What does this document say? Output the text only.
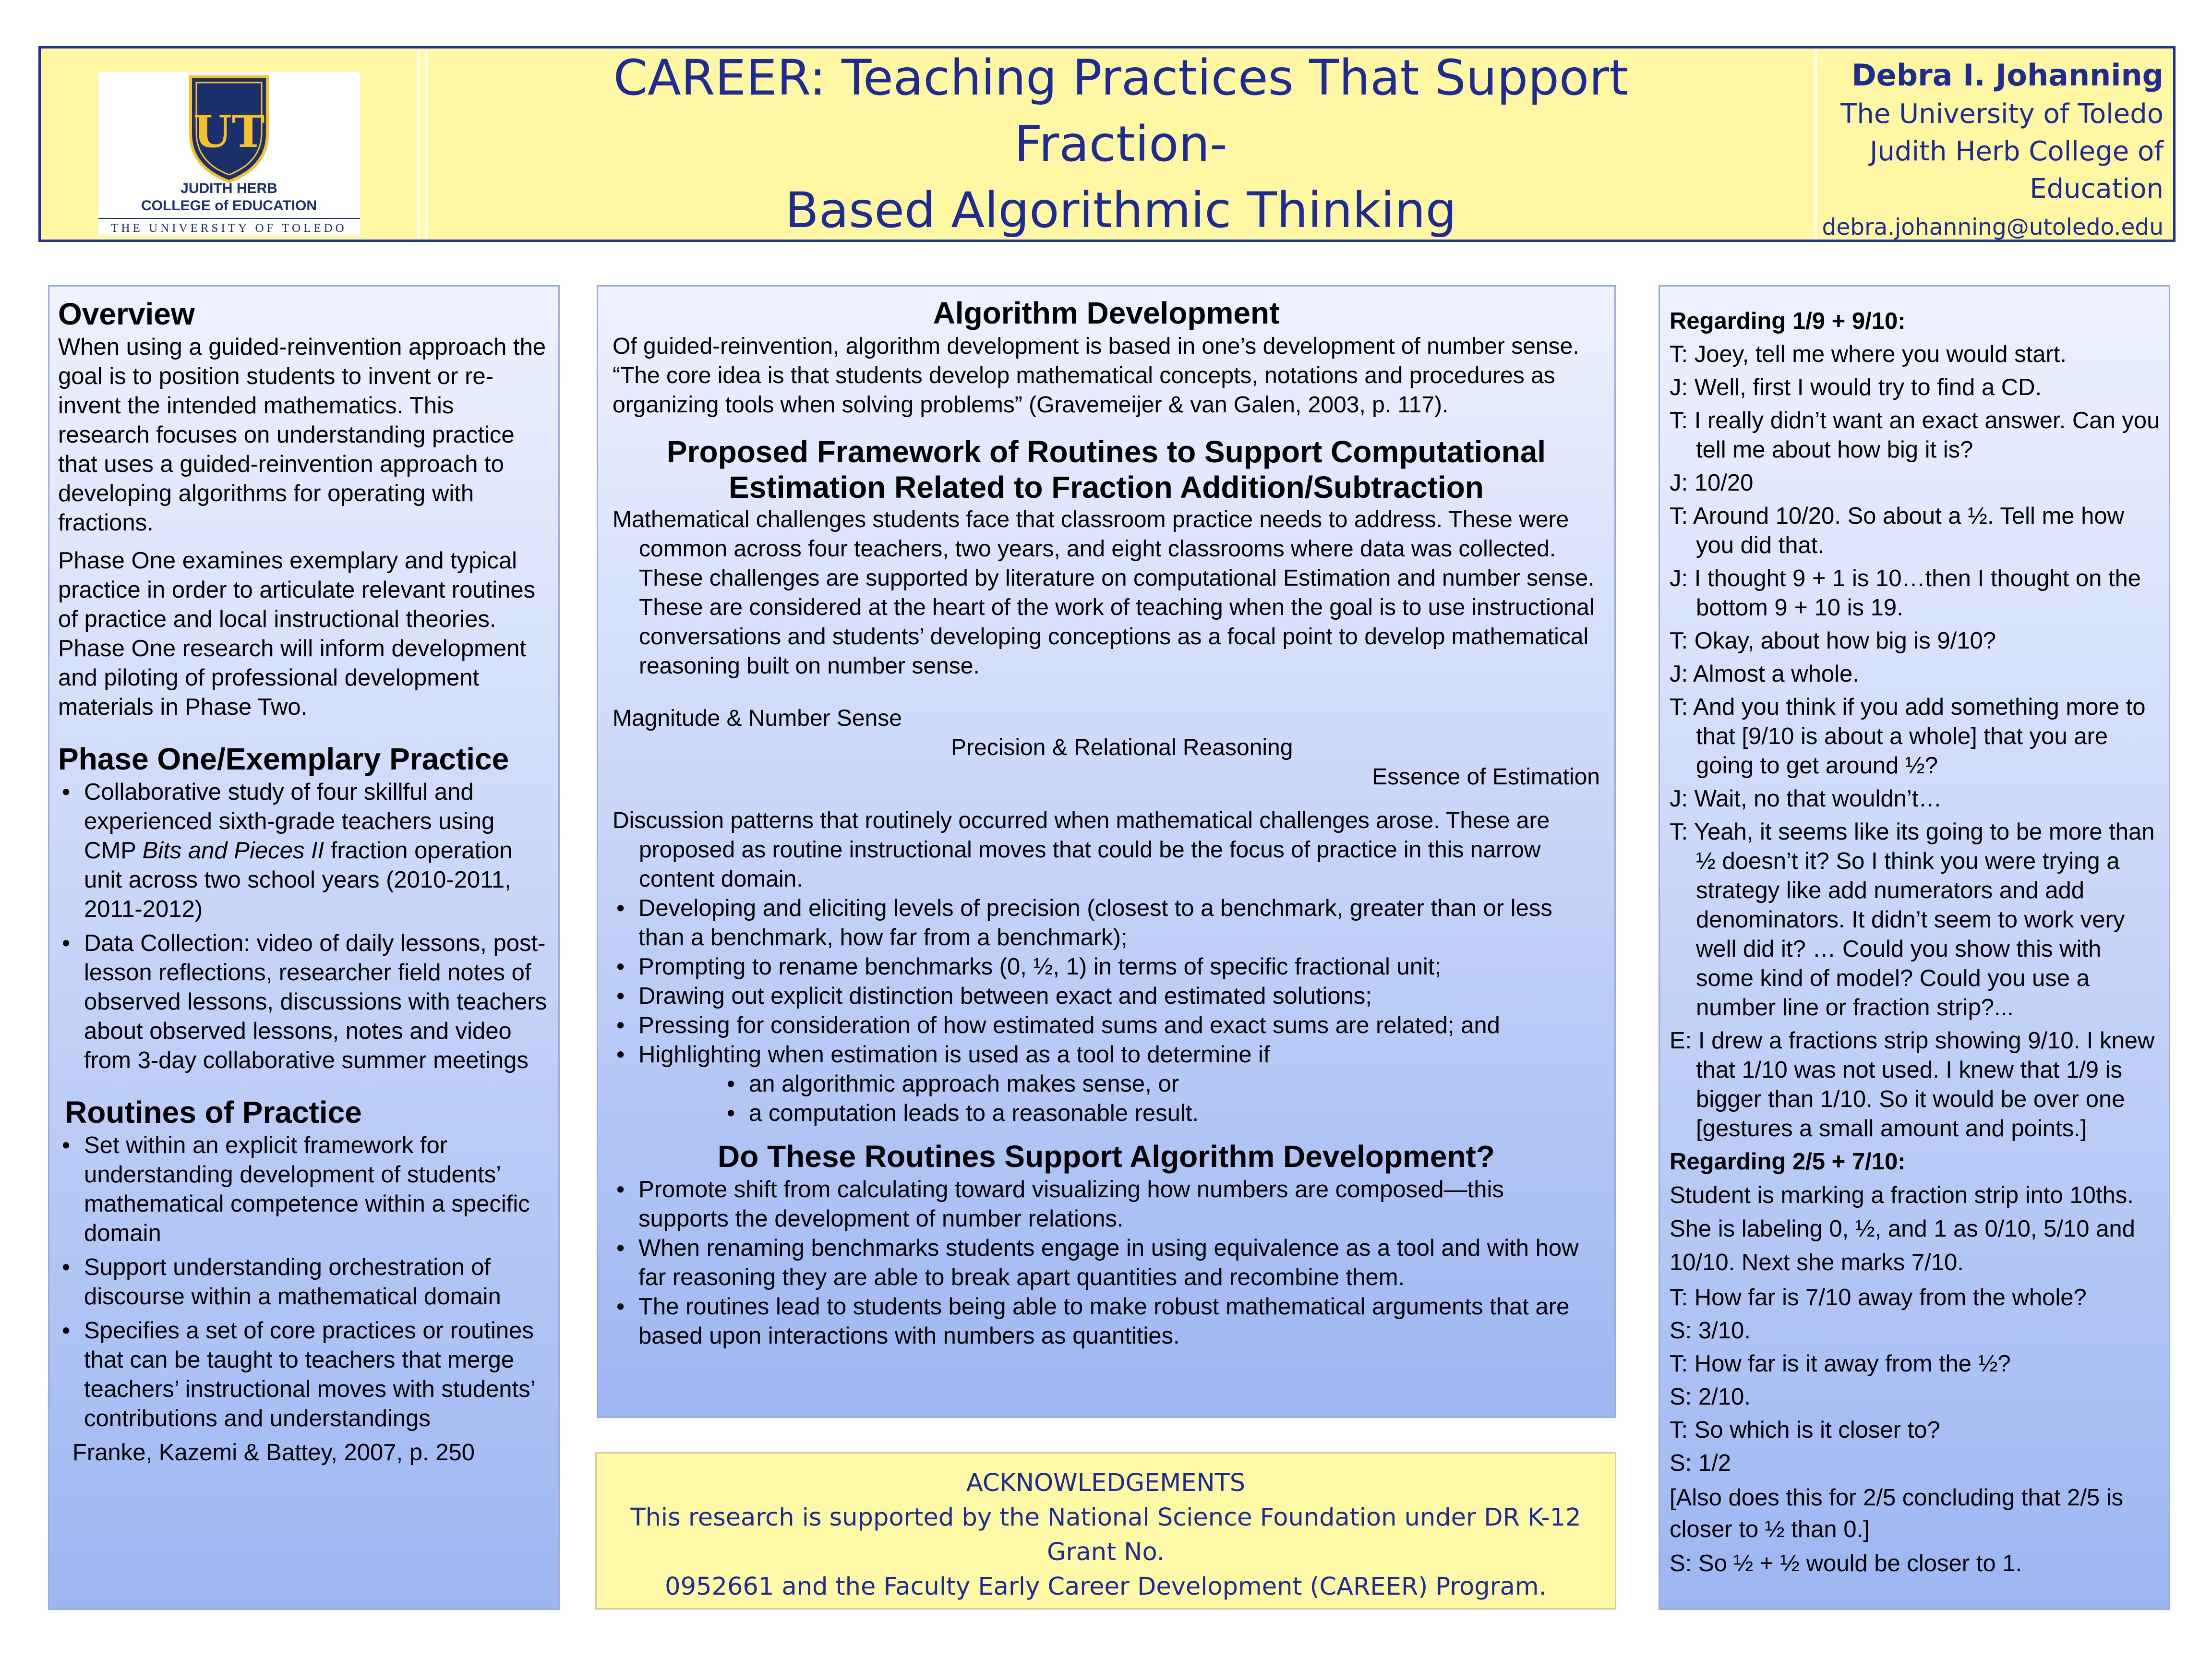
UT
JUDITH HERB
COLLEGE of EDUCATION
THE UNIVERSITY OF TOLEDO
CAREER: Teaching Practices That Support Fraction-
Based Algorithmic Thinking
Debra I. Johanning
The University of Toledo
Judith Herb College of
Education
debra.johanning@utoledo.edu
Overview
When using a guided-reinvention approach the goal is to position students to invent or re-invent the intended mathematics. This research focuses on understanding practice that uses a guided-reinvention approach to developing algorithms for operating with fractions.
Phase One examines exemplary and typical practice in order to articulate relevant routines of practice and local instructional theories. Phase One research will inform development and piloting of professional development materials in Phase Two.
Phase One/Exemplary Practice
• Collaborative study of four skillful and experienced sixth-grade teachers using CMP Bits and Pieces II fraction operation unit across two school years (2010-2011, 2011-2012)
• Data Collection: video of daily lessons, post-lesson reflections, researcher field notes of observed lessons, discussions with teachers about observed lessons, notes and video from 3-day collaborative summer meetings
Routines of Practice
• Set within an explicit framework for understanding development of students’ mathematical competence within a specific domain
• Support understanding orchestration of discourse within a mathematical domain
• Specifies a set of core practices or routines that can be taught to teachers that merge teachers’ instructional moves with students’ contributions and understandings
Franke, Kazemi & Battey, 2007, p. 250
Algorithm Development
Of guided-reinvention, algorithm development is based in one’s development of number sense. “The core idea is that students develop mathematical concepts, notations and procedures as organizing tools when solving problems” (Gravemeijer & van Galen, 2003, p. 117).
Proposed Framework of Routines to Support Computational
Estimation Related to Fraction Addition/Subtraction
Mathematical challenges students face that classroom practice needs to address. These were common across four teachers, two years, and eight classrooms where data was collected. These challenges are supported by literature on computational Estimation and number sense. These are considered at the heart of the work of teaching when the goal is to use instructional conversations and students’ developing conceptions as a focal point to develop mathematical reasoning built on number sense.
Magnitude & Number Sense
Precision & Relational Reasoning
Essence of Estimation
Discussion patterns that routinely occurred when mathematical challenges arose. These are proposed as routine instructional moves that could be the focus of practice in this narrow content domain.
• Developing and eliciting levels of precision (closest to a benchmark, greater than or less than a benchmark, how far from a benchmark);
• Prompting to rename benchmarks (0, ½, 1) in terms of specific fractional unit;
• Drawing out explicit distinction between exact and estimated solutions;
• Pressing for consideration of how estimated sums and exact sums are related; and
• Highlighting when estimation is used as a tool to determine if
• an algorithmic approach makes sense, or
• a computation leads to a reasonable result.
Do These Routines Support Algorithm Development?
• Promote shift from calculating toward visualizing how numbers are composed—this supports the development of number relations.
• When renaming benchmarks students engage in using equivalence as a tool and with how far reasoning they are able to break apart quantities and recombine them.
• The routines lead to students being able to make robust mathematical arguments that are based upon interactions with numbers as quantities.
ACKNOWLEDGEMENTS
This research is supported by the National Science Foundation under DR K-12 Grant No.
0952661 and the Faculty Early Career Development (CAREER) Program.
Regarding 1/9 + 9/10:
T: Joey, tell me where you would start.
J: Well, first I would try to find a CD.
T: I really didn’t want an exact answer. Can you tell me about how big it is?
J: 10/20
T: Around 10/20. So about a ½. Tell me how you did that.
J: I thought 9 + 1 is 10…then I thought on the bottom 9 + 10 is 19.
T: Okay, about how big is 9/10?
J: Almost a whole.
T: And you think if you add something more to that [9/10 is about a whole] that you are going to get around ½?
J: Wait, no that wouldn’t…
T: Yeah, it seems like its going to be more than ½ doesn’t it? So I think you were trying a strategy like add numerators and add denominators. It didn’t seem to work very well did it? … Could you show this with some kind of model? Could you use a number line or fraction strip?...
E: I drew a fractions strip showing 9/10. I knew that 1/10 was not used. I knew that 1/9 is bigger than 1/10. So it would be over one [gestures a small amount and points.]
Regarding 2/5 + 7/10:
Student is marking a fraction strip into 10ths. She is labeling 0, ½, and 1 as 0/10, 5/10 and 10/10. Next she marks 7/10.
T: How far is 7/10 away from the whole?
S: 3/10.
T: How far is it away from the ½?
S: 2/10.
T: So which is it closer to?
S: 1/2
[Also does this for 2/5 concluding that 2/5 is closer to ½ than 0.]
S: So ½ + ½ would be closer to 1.
